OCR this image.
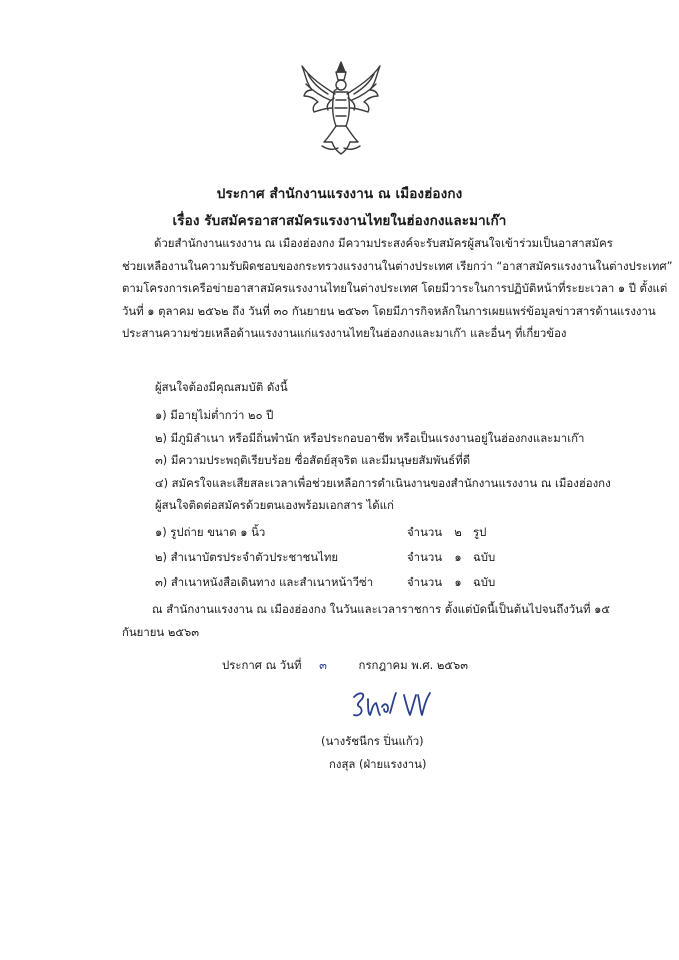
ประกาศ สำนักงานแรงงาน ณ เมืองฮ่องกง
เรื่อง รับสมัครอาสาสมัครแรงงานไทยในฮ่องกงและมาเก๊า
ด้วยสำนักงานแรงงาน ณ เมืองฮ่องกง มีความประสงค์จะรับสมัครผู้สนใจเข้าร่วมเป็นอาสาสมัคร
ช่วยเหลืองานในความรับผิดชอบของกระทรวงแรงงานในต่างประเทศ เรียกว่า “อาสาสมัครแรงงานในต่างประเทศ”
ตามโครงการเครือข่ายอาสาสมัครแรงงานไทยในต่างประเทศ โดยมีวาระในการปฏิบัติหน้าที่ระยะเวลา ๑ ปี ตั้งแต่
วันที่ ๑ ตุลาคม ๒๕๖๒ ถึง วันที่ ๓๐ กันยายน ๒๕๖๓ โดยมีภารกิจหลักในการเผยแพร่ข้อมูลข่าวสารด้านแรงงาน
ประสานความช่วยเหลือด้านแรงงานแก่แรงงานไทยในฮ่องกงและมาเก๊า และอื่นๆ ที่เกี่ยวข้อง
ผู้สนใจต้องมีคุณสมบัติ ดังนี้
๑) มีอายุไม่ต่ำกว่า ๒๐ ปี
๒) มีภูมิลำเนา หรือมีถิ่นพำนัก หรือประกอบอาชีพ หรือเป็นแรงงานอยู่ในฮ่องกงและมาเก๊า
๓) มีความประพฤติเรียบร้อย ซื่อสัตย์สุจริต และมีมนุษยสัมพันธ์ที่ดี
๔) สมัครใจและเสียสละเวลาเพื่อช่วยเหลือการดำเนินงานของสำนักงานแรงงาน ณ เมืองฮ่องกง
ผู้สนใจติดต่อสมัครด้วยตนเองพร้อมเอกสาร ได้แก่
๑) รูปถ่าย ขนาด ๑ นิ้ว	จำนวน	๒ รูป
๒) สำเนาบัตรประจำตัวประชาชนไทย	จำนวน	๑ ฉบับ
๓) สำเนาหนังสือเดินทาง และสำเนาหน้าวีซ่า	จำนวน	๑ ฉบับ
ณ สำนักงานแรงงาน ณ เมืองฮ่องกง ในวันและเวลาราชการ ตั้งแต่บัดนี้เป็นต้นไปจนถึงวันที่ ๑๕
กันยายน ๒๕๖๓
ประกาศ ณ วันที่ ๓	กรกฎาคม พ.ศ. ๒๕๖๓
(นางรัชนีกร ปิ่นแก้ว)
กงสุล (ฝ่ายแรงงาน)
